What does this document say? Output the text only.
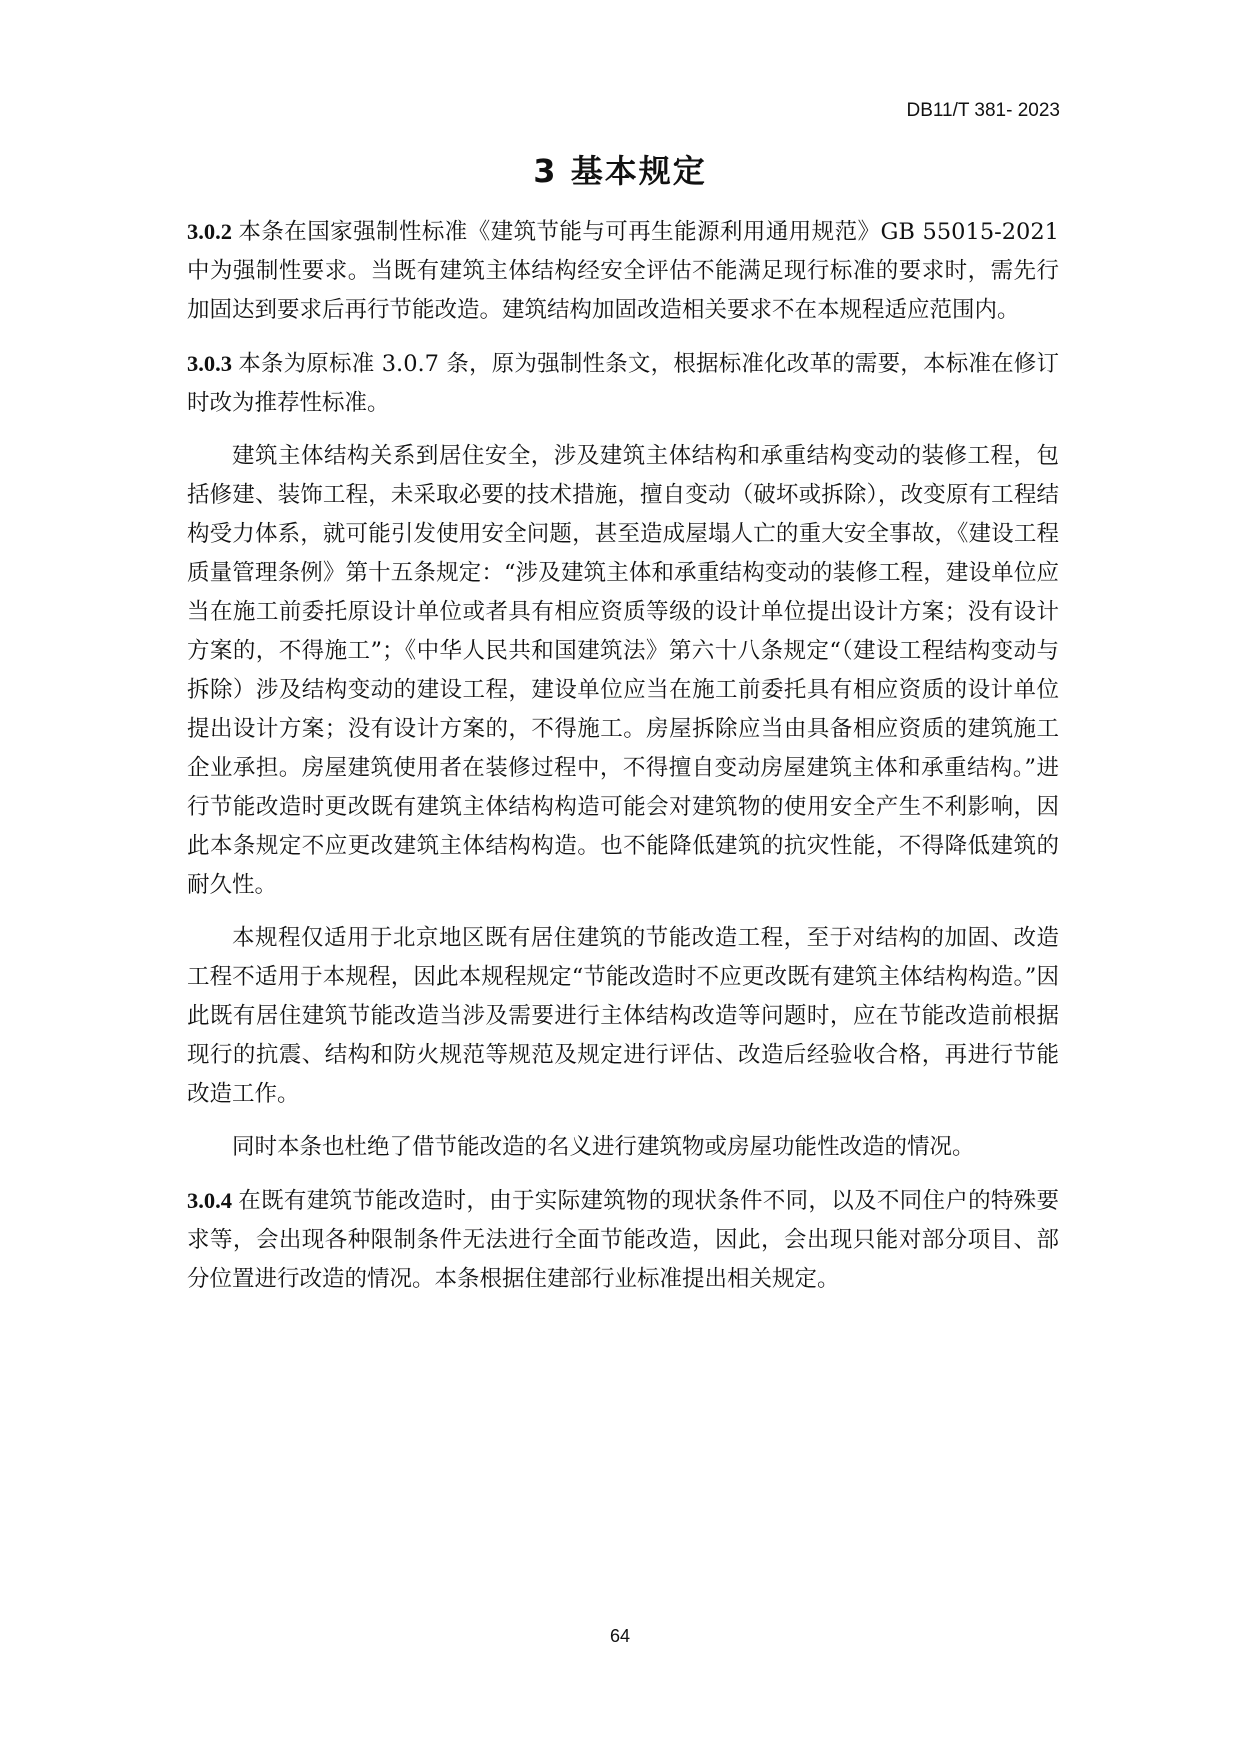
DB11/T 381- 2023
3 基本规定

3.0.2 本条在国家强制性标准《建筑节能与可再生能源利用通用规范》GB 55015-2021 中为强制性要求。当既有建筑主体结构经安全评估不能满足现行标准的要求时，需先行加固达到要求后再行节能改造。建筑结构加固改造相关要求不在本规程适应范围内。

3.0.3 本条为原标准 3.0.7 条，原为强制性条文，根据标准化改革的需要，本标准在修订时改为推荐性标准。

建筑主体结构关系到居住安全，涉及建筑主体结构和承重结构变动的装修工程，包括修建、装饰工程，未采取必要的技术措施，擅自变动（破坏或拆除），改变原有工程结构受力体系，就可能引发使用安全问题，甚至造成屋塌人亡的重大安全事故，《建设工程质量管理条例》第十五条规定：“涉及建筑主体和承重结构变动的装修工程，建设单位应当在施工前委托原设计单位或者具有相应资质等级的设计单位提出设计方案；没有设计方案的，不得施工”；《中华人民共和国建筑法》第六十八条规定“（建设工程结构变动与拆除）涉及结构变动的建设工程，建设单位应当在施工前委托具有相应资质的设计单位提出设计方案；没有设计方案的，不得施工。房屋拆除应当由具备相应资质的建筑施工企业承担。房屋建筑使用者在装修过程中，不得擅自变动房屋建筑主体和承重结构。”进行节能改造时更改既有建筑主体结构构造可能会对建筑物的使用安全产生不利影响，因此本条规定不应更改建筑主体结构构造。也不能降低建筑的抗灾性能，不得降低建筑的耐久性。

本规程仅适用于北京地区既有居住建筑的节能改造工程，至于对结构的加固、改造工程不适用于本规程，因此本规程规定“节能改造时不应更改既有建筑主体结构构造。”因此既有居住建筑节能改造当涉及需要进行主体结构改造等问题时，应在节能改造前根据现行的抗震、结构和防火规范等规范及规定进行评估、改造后经验收合格，再进行节能改造工作。

同时本条也杜绝了借节能改造的名义进行建筑物或房屋功能性改造的情况。

3.0.4 在既有建筑节能改造时，由于实际建筑物的现状条件不同，以及不同住户的特殊要求等，会出现各种限制条件无法进行全面节能改造，因此，会出现只能对部分项目、部分位置进行改造的情况。本条根据住建部行业标准提出相关规定。

64
